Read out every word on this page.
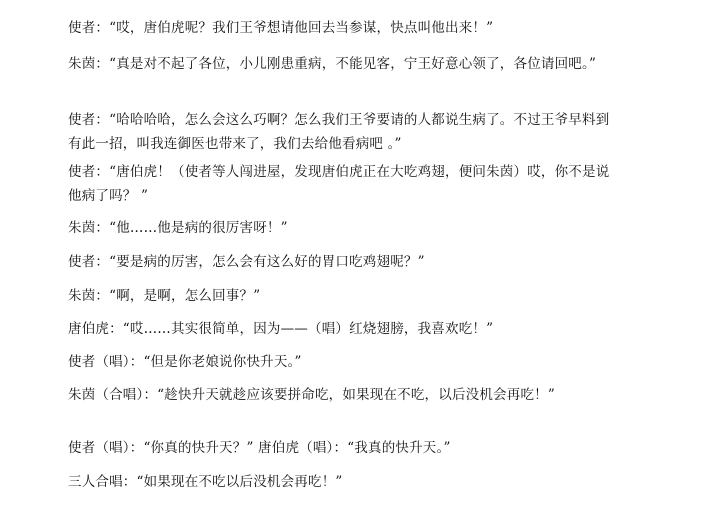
使者：“哎，唐伯虎呢？我们王爷想请他回去当参谋，快点叫他出来！”
朱茵：“真是对不起了各位，小儿刚患重病，不能见客，宁王好意心领了，各位请回吧。”
使者：“哈哈哈哈，怎么会这么巧啊？怎么我们王爷要请的人都说生病了。不过王爷早料到有此一招，叫我连御医也带来了，我们去给他看病吧 。”
使者：“唐伯虎！（使者等人闯进屋，发现唐伯虎正在大吃鸡翅，便问朱茵）哎，你不是说他病了吗？ ”
朱茵：“他……他是病的很厉害呀！”
使者：“要是病的厉害，怎么会有这么好的胃口吃鸡翅呢？”
朱茵：“啊，是啊，怎么回事？”
唐伯虎：“哎……其实很简单，因为——（唱）红烧翅膀，我喜欢吃！”
使者（唱）：“但是你老娘说你快升天。”
朱茵（合唱）：“趁快升天就趁应该要拼命吃，如果现在不吃，以后没机会再吃！”
使者（唱）：“你真的快升天？” 唐伯虎（唱）：“我真的快升天。”
三人合唱：“如果现在不吃以后没机会再吃！”
